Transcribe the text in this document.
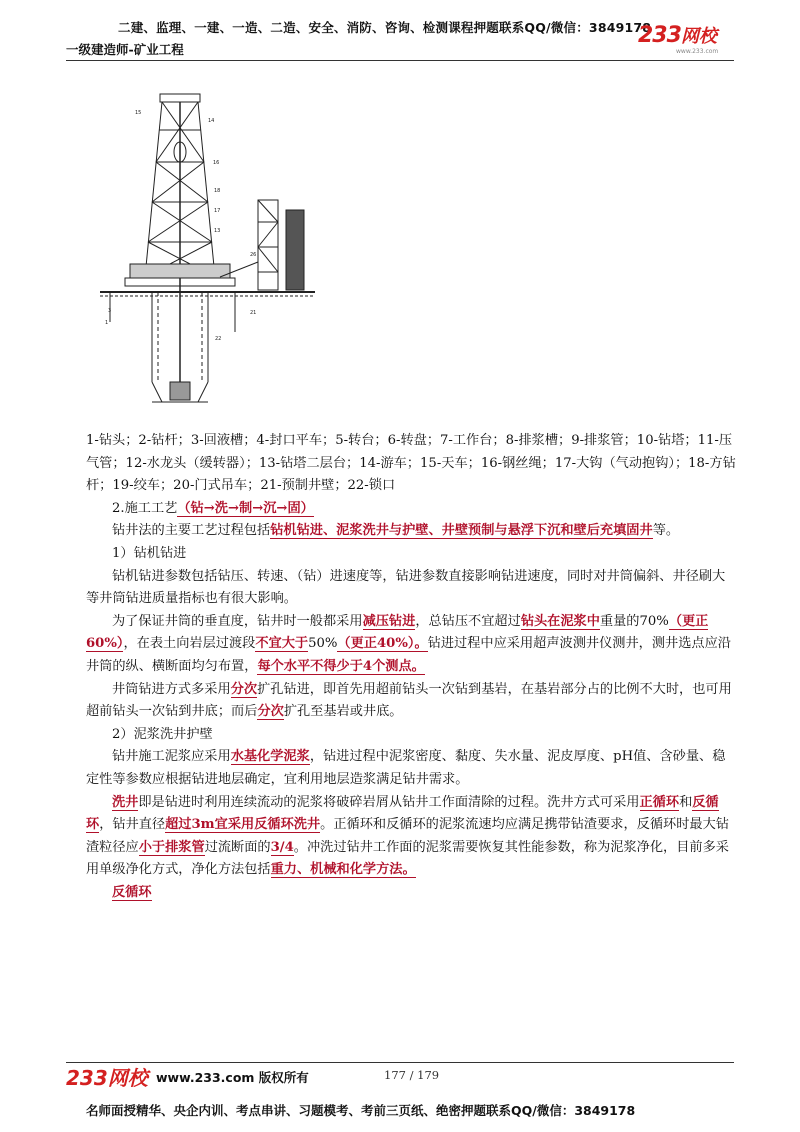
二建、监理、一建、一造、二造、安全、消防、咨询、检测课程押题联系QQ/微信：3849178
一级建造师-矿业工程
233网校
www.233.com
15
16
14
18
17
13
26
3
1
22
21

1-钻头；2-钻杆；3-回液槽；4-封口平车；5-转台；6-转盘；7-工作台；8-排浆槽；9-排浆管；10-钻塔；11-压气管；12-水龙头（缓转器）；13-钻塔二层台；14-游车；15-天车；16-钢丝绳；17-大钩（气动抱钩）；18-方钻杆；19-绞车；20-门式吊车；21-预制井壁；22-锁口

2.施工工艺（钻→洗→制→沉→固）

钻井法的主要工艺过程包括钻机钻进、泥浆洗井与护壁、井壁预制与悬浮下沉和壁后充填固井等。

1）钻机钻进

钻机钻进参数包括钻压、转速、（钻）进速度等，钻进参数直接影响钻进速度，同时对井筒偏斜、井径刷大等井筒钻进质量指标也有很大影响。

为了保证井筒的垂直度，钻井时一般都采用减压钻进，总钻压不宜超过钻头在泥浆中重量的70%（更正60%），在表土向岩层过渡段不宜大于50%（更正40%）。钻进过程中应采用超声波测井仪测井，测井选点应沿井筒的纵、横断面均匀布置，每个水平不得少于4个测点。

井筒钻进方式多采用分次扩孔钻进，即首先用超前钻头一次钻到基岩，在基岩部分占的比例不大时，也可用超前钻头一次钻到井底；而后分次扩孔至基岩或井底。

2）泥浆洗井护壁

钻井施工泥浆应采用水基化学泥浆，钻进过程中泥浆密度、黏度、失水量、泥皮厚度、pH值、含砂量、稳定性等参数应根据钻进地层确定，宜利用地层造浆满足钻井需求。

洗井即是钻进时利用连续流动的泥浆将破碎岩屑从钻井工作面清除的过程。洗井方式可采用正循环和反循环，钻井直径超过3m宜采用反循环洗井。正循环和反循环的泥浆流速均应满足携带钻渣要求，反循环时最大钻渣粒径应小于排浆管过流断面的3/4。冲洗过钻井工作面的泥浆需要恢复其性能参数，称为泥浆净化，目前多采用单级净化方式，净化方法包括重力、机械和化学方法。

反循环

233网校 www.233.com 版权所有	177 / 179
名师面授精华、央企内训、考点串讲、习题模考、考前三页纸、绝密押题联系QQ/微信：3849178
